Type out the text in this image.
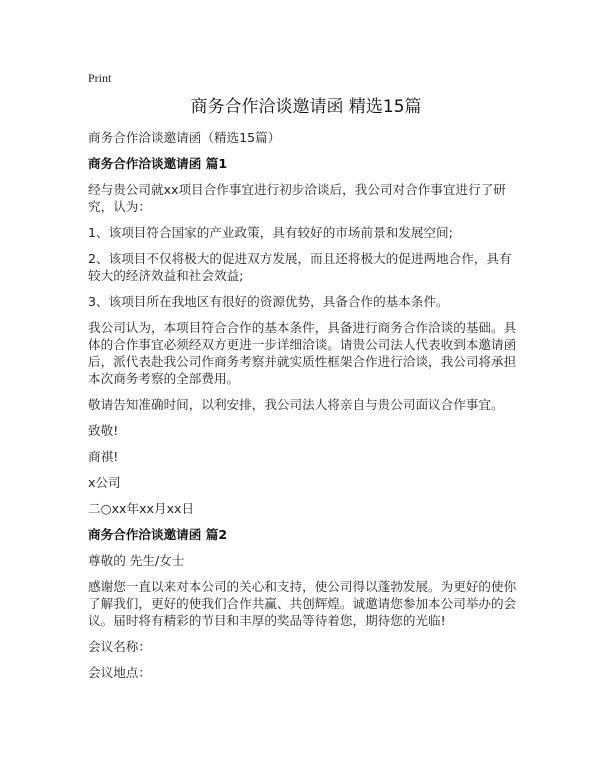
Print
商务合作洽谈邀请函 精选15篇

商务合作洽谈邀请函（精选15篇）

商务合作洽谈邀请函 篇1

经与贵公司就xx项目合作事宜进行初步洽谈后，我公司对合作事宜进行了研究，认为：

1、该项目符合国家的产业政策，具有较好的市场前景和发展空间;

2、该项目不仅将极大的促进双方发展，而且还将极大的促进两地合作，具有较大的经济效益和社会效益;

3、该项目所在我地区有很好的资源优势，具备合作的基本条件。

我公司认为，本项目符合合作的基本条件，具备进行商务合作洽谈的基础。具体的合作事宜必须经双方更进一步详细洽谈。请贵公司法人代表收到本邀请函后，派代表赴我公司作商务考察并就实质性框架合作进行洽谈，我公司将承担本次商务考察的全部费用。

敬请告知准确时间，以利安排，我公司法人将亲自与贵公司面议合作事宜。

致敬!

商祺!

x公司

二○xx年xx月xx日

商务合作洽谈邀请函 篇2

尊敬的 先生/女士

感谢您一直以来对本公司的关心和支持，使公司得以蓬勃发展。为更好的使你了解我们，更好的使我们合作共赢、共创辉煌。诚邀请您参加本公司举办的会议。届时将有精彩的节目和丰厚的奖品等待着您，期待您的光临!

会议名称：

会议地点：
